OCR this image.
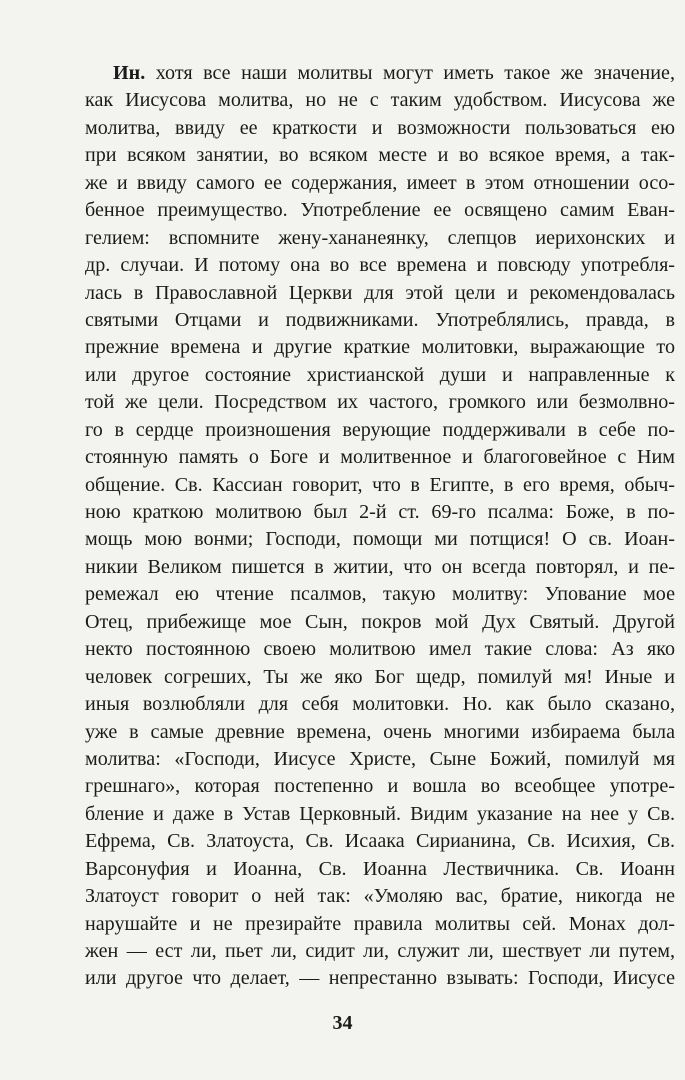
Ин. хотя все наши молитвы могут иметь такое же значение,
как Иисусова молитва, но не с таким удобством. Иисусова же
молитва, ввиду ее краткости и возможности пользоваться ею
при всяком занятии, во всяком месте и во всякое время, а так-
же и ввиду самого ее содержания, имеет в этом отношении осо-
бенное преимущество. Употребление ее освящено самим Еван-
гелием: вспомните жену-хананеянку, слепцов иерихонских и
др. случаи. И потому она во все времена и повсюду употребля-
лась в Православной Церкви для этой цели и рекомендовалась
святыми Отцами и подвижниками. Употреблялись, правда, в
прежние времена и другие краткие молитовки, выражающие то
или другое состояние христианской души и направленные к
той же цели. Посредством их частого, громкого или безмолвно-
го в сердце произношения верующие поддерживали в себе по-
стоянную память о Боге и молитвенное и благоговейное с Ним
общение. Св. Кассиан говорит, что в Египте, в его время, обыч-
ною краткою молитвою был 2-й ст. 69-го псалма: Боже, в по-
мощь мою вонми; Господи, помощи ми потщися! О св. Иоан-
никии Великом пишется в житии, что он всегда повторял, и пе-
ремежал ею чтение псалмов, такую молитву: Упование мое
Отец, прибежище мое Сын, покров мой Дух Святый. Другой
некто постоянною своею молитвою имел такие слова: Аз яко
человек согреших, Ты же яко Бог щедр, помилуй мя! Иные и
иныя возлюбляли для себя молитовки. Но. как было сказано,
уже в самые древние времена, очень многими избираема была
молитва: «Господи, Иисусе Христе, Сыне Божий, помилуй мя
грешнаго», которая постепенно и вошла во всеобщее употре-
бление и даже в Устав Церковный. Видим указание на нее у Св.
Ефрема, Св. Златоуста, Св. Исаака Сирианина, Св. Исихия, Св.
Варсонуфия и Иоанна, Св. Иоанна Лествичника. Св. Иоанн
Златоуст говорит о ней так: «Умоляю вас, братие, никогда не
нарушайте и не презирайте правила молитвы сей. Монах дол-
жен — ест ли, пьет ли, сидит ли, служит ли, шествует ли путем,
или другое что делает, — непрестанно взывать: Господи, Иисусе
34
